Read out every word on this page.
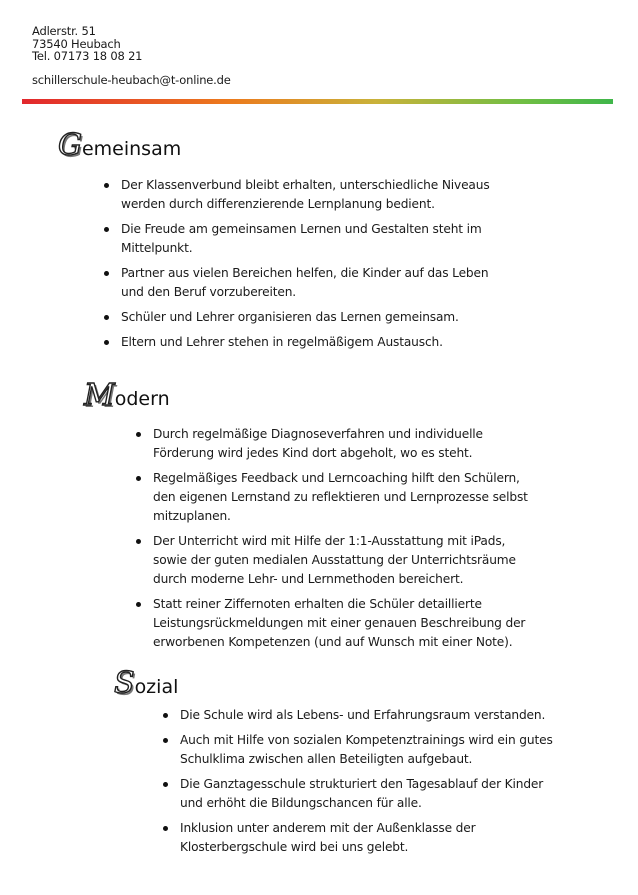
Adlerstr. 51
73540 Heubach
Tel. 07173 18 08 21
schillerschule-heubach@t-online.de
Gemeinsam
Der Klassenverbund bleibt erhalten, unterschiedliche Niveaus werden durch differenzierende Lernplanung bedient.
Die Freude am gemeinsamen Lernen und Gestalten steht im Mittelpunkt.
Partner aus vielen Bereichen helfen, die Kinder auf das Leben und den Beruf vorzubereiten.
Schüler und Lehrer organisieren das Lernen gemeinsam.
Eltern und Lehrer stehen in regelmäßigem Austausch.
Modern
Durch regelmäßige Diagnoseverfahren und individuelle Förderung wird jedes Kind dort abgeholt, wo es steht.
Regelmäßiges Feedback und Lerncoaching hilft den Schülern, den eigenen Lernstand zu reflektieren und Lernprozesse selbst mitzuplanen.
Der Unterricht wird mit Hilfe der 1:1-Ausstattung mit iPads, sowie der guten medialen Ausstattung der Unterrichtsräume durch moderne Lehr- und Lernmethoden bereichert.
Statt reiner Ziffernoten erhalten die Schüler detaillierte Leistungsrückmeldungen mit einer genauen Beschreibung der erworbenen Kompetenzen (und auf Wunsch mit einer Note).
Sozial
Die Schule wird als Lebens- und Erfahrungsraum verstanden.
Auch mit Hilfe von sozialen Kompetenztrainings wird ein gutes Schulklima zwischen allen Beteiligten aufgebaut.
Die Ganztagesschule strukturiert den Tagesablauf der Kinder und erhöht die Bildungschancen für alle.
Inklusion unter anderem mit der Außenklasse der Klosterbergschule wird bei uns gelebt.
